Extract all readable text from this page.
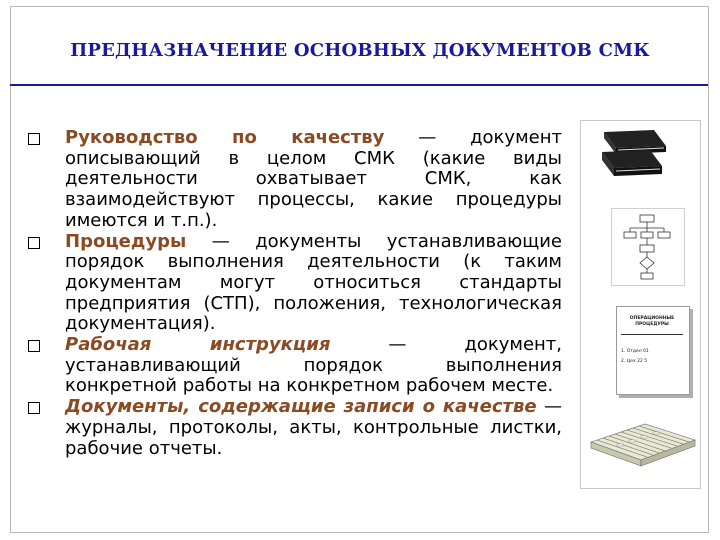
ПРЕДНАЗНАЧЕНИЕ ОСНОВНЫХ ДОКУМЕНТОВ СМК
Руководство по качеству — документ описывающий в целом СМК (какие виды деятельности охватывает СМК, как взаимодействуют процессы, какие процедуры имеются и т.п.).
Процедуры — документы устанавливающие порядок выполнения деятельности (к таким документам могут относиться стандарты предприятия (СТП), положения, технологическая документация).
Рабочая инструкция — документ, устанавливающий порядок выполнения конкретной работы на конкретном рабочем месте.
Документы, содержащие записи о качестве — журналы, протоколы, акты, контрольные листки, рабочие отчеты.
ОПЕРАЦИОННЫЕ
ПРОЦЕДУРЫ
1. Отдел 01
2. Цех 22 5
